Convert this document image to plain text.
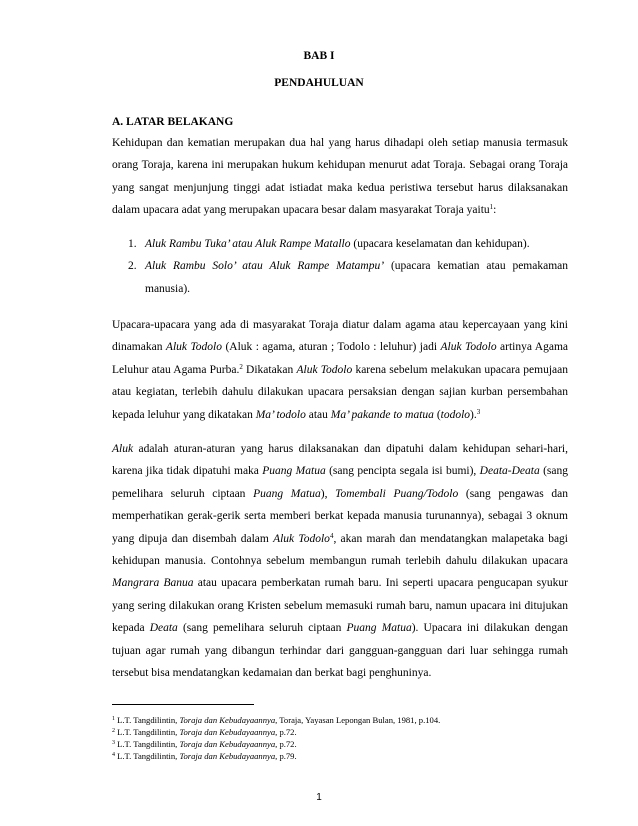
BAB I
PENDAHULUAN
A. LATAR BELAKANG
Kehidupan dan kematian merupakan dua hal yang harus dihadapi oleh setiap manusia termasuk orang Toraja, karena ini merupakan hukum kehidupan menurut adat Toraja. Sebagai orang Toraja yang sangat menjunjung tinggi adat istiadat maka kedua peristiwa tersebut harus dilaksanakan dalam upacara adat yang merupakan upacara besar dalam masyarakat Toraja yaitu$^1$:
1. Aluk Rambu Tuka’ atau Aluk Rampe Matallo (upacara keselamatan dan kehidupan).
2. Aluk Rambu Solo’ atau Aluk Rampe Matampu’ (upacara kematian atau pemakaman manusia).
Upacara-upacara yang ada di masyarakat Toraja diatur dalam agama atau kepercayaan yang kini dinamakan Aluk Todolo (Aluk : agama, aturan ; Todolo : leluhur) jadi Aluk Todolo artinya Agama Leluhur atau Agama Purba.$^2$ Dikatakan Aluk Todolo karena sebelum melakukan upacara pemujaan atau kegiatan, terlebih dahulu dilakukan upacara persaksian dengan sajian kurban persembahan kepada leluhur yang dikatakan Ma’ todolo atau Ma’ pakande to matua (todolo).$^3$
Aluk adalah aturan-aturan yang harus dilaksanakan dan dipatuhi dalam kehidupan sehari-hari, karena jika tidak dipatuhi maka Puang Matua (sang pencipta segala isi bumi), Deata-Deata (sang pemelihara seluruh ciptaan Puang Matua), Tomembali Puang/Todolo (sang pengawas dan memperhatikan gerak-gerik serta memberi berkat kepada manusia turunannya), sebagai 3 oknum yang dipuja dan disembah dalam Aluk Todolo$^4$, akan marah dan mendatangkan malapetaka bagi kehidupan manusia. Contohnya sebelum membangun rumah terlebih dahulu dilakukan upacara Mangrara Banua atau upacara pemberkatan rumah baru. Ini seperti upacara pengucapan syukur yang sering dilakukan orang Kristen sebelum memasuki rumah baru, namun upacara ini ditujukan kepada Deata (sang pemelihara seluruh ciptaan Puang Matua). Upacara ini dilakukan dengan tujuan agar rumah yang dibangun terhindar dari gangguan-gangguan dari luar sehingga rumah tersebut bisa mendatangkan kedamaian dan berkat bagi penghuninya.
$^1$ L.T. Tangdilintin, Toraja dan Kebudayaannya, Toraja, Yayasan Lepongan Bulan, 1981, p.104.
$^2$ L.T. Tangdilintin, Toraja dan Kebudayaannya, p.72.
$^3$ L.T. Tangdilintin, Toraja dan Kebudayaannya, p.72.
$^4$ L.T. Tangdilintin, Toraja dan Kebudayaannya, p.79.
1
